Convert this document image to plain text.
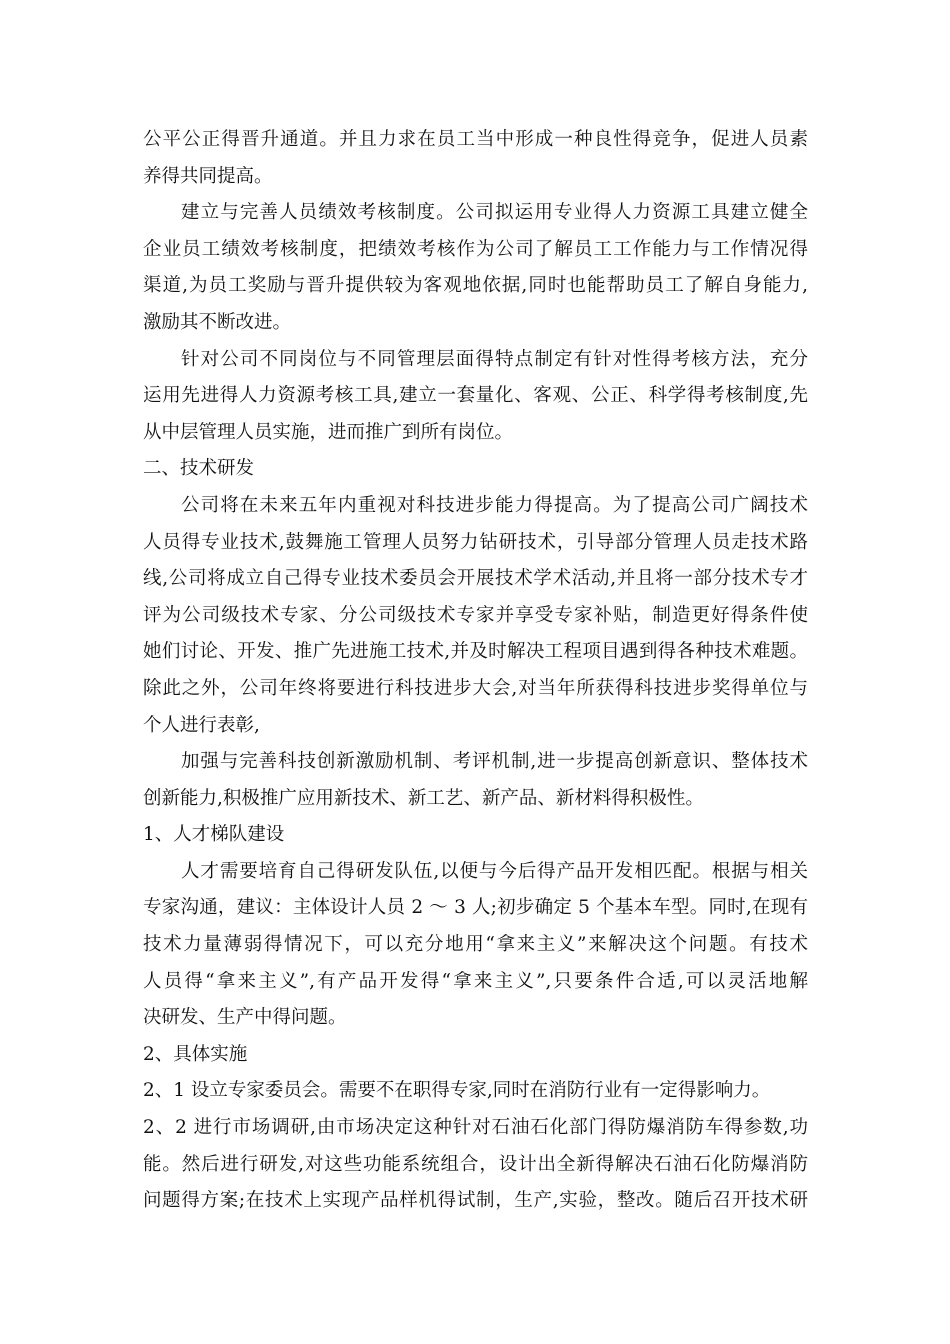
公平公正得晋升通道。并且力求在员工当中形成一种良性得竞争，促进人员素
养得共同提高。
建立与完善人员绩效考核制度。公司拟运用专业得人力资源工具建立健全
企业员工绩效考核制度，把绩效考核作为公司了解员工工作能力与工作情况得
渠道,为员工奖励与晋升提供较为客观地依据,同时也能帮助员工了解自身能力,
激励其不断改进。
针对公司不同岗位与不同管理层面得特点制定有针对性得考核方法，充分
运用先进得人力资源考核工具,建立一套量化、客观、公正、科学得考核制度,先
从中层管理人员实施，进而推广到所有岗位。
二、技术研发
公司将在未来五年内重视对科技进步能力得提高。为了提高公司广阔技术
人员得专业技术,鼓舞施工管理人员努力钻研技术，引导部分管理人员走技术路
线,公司将成立自己得专业技术委员会开展技术学术活动,并且将一部分技术专才
评为公司级技术专家、分公司级技术专家并享受专家补贴，制造更好得条件使
她们讨论、开发、推广先进施工技术,并及时解决工程项目遇到得各种技术难题。
除此之外，公司年终将要进行科技进步大会,对当年所获得科技进步奖得单位与
个人进行表彰,
加强与完善科技创新激励机制、考评机制,进一步提高创新意识、整体技术
创新能力,积极推广应用新技术、新工艺、新产品、新材料得积极性。
1、人才梯队建设
人才需要培育自己得研发队伍,以便与今后得产品开发相匹配。根据与相关
专家沟通，建议：主体设计人员 2 ～ 3 人;初步确定 5 个基本车型。同时,在现有
技术力量薄弱得情况下，可以充分地用“拿来主义”来解决这个问题。有技术
人员得“拿来主义”,有产品开发得“拿来主义”,只要条件合适,可以灵活地解
决研发、生产中得问题。
2、具体实施
2、1 设立专家委员会。需要不在职得专家,同时在消防行业有一定得影响力。
2、2 进行市场调研,由市场决定这种针对石油石化部门得防爆消防车得参数,功
能。然后进行研发,对这些功能系统组合，设计出全新得解决石油石化防爆消防
问题得方案;在技术上实现产品样机得试制，生产,实验，整改。随后召开技术研
